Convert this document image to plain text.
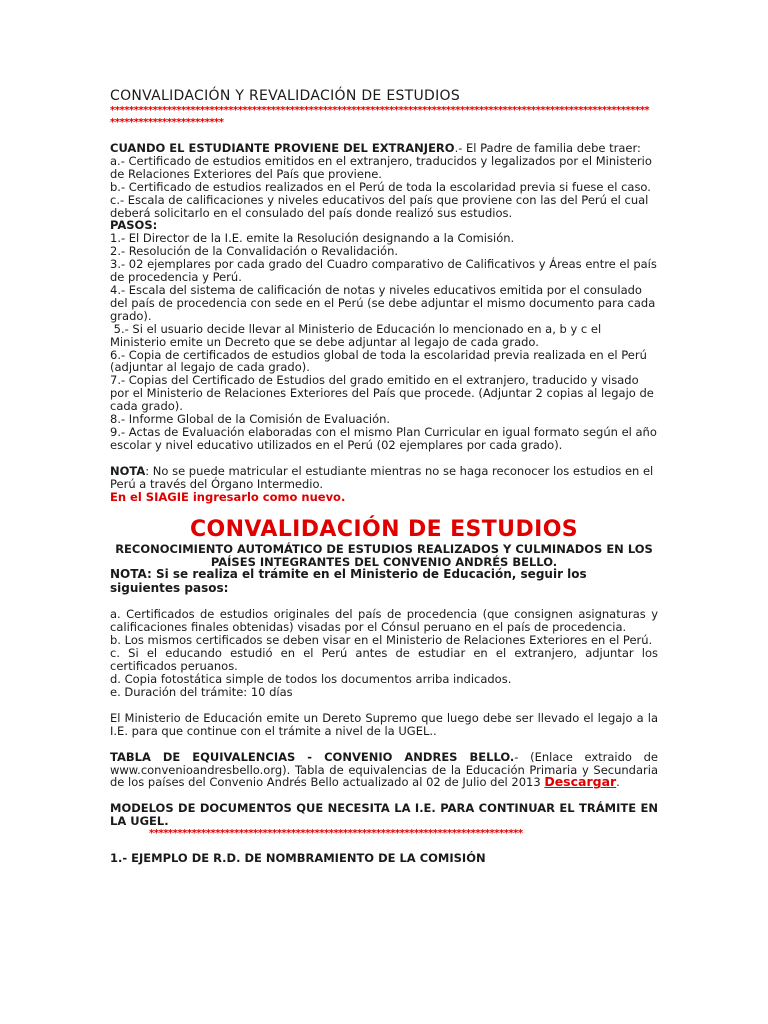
CONVALIDACIÓN Y REVALIDACIÓN DE ESTUDIOS
******************************************************************************************************************
************************

CUANDO EL ESTUDIANTE PROVIENE DEL EXTRANJERO.- El Padre de familia debe traer:

a.- Certificado de estudios emitidos en el extranjero, traducidos y legalizados por el Ministerio de Relaciones Exteriores del País que proviene.

b.- Certificado de estudios realizados en el Perú de toda la escolaridad previa si fuese el caso.

c.- Escala de calificaciones y niveles educativos del país que proviene con las del Perú el cual deberá solicitarlo en el consulado del país donde realizó sus estudios.

PASOS:

1.- El Director de la I.E. emite la Resolución designando a la Comisión.

2.- Resolución de la Convalidación o Revalidación.

3.- 02 ejemplares por cada grado del Cuadro comparativo de Calificativos y Áreas entre el país de procedencia y Perú.

4.- Escala del sistema de calificación de notas y niveles educativos emitida por el consulado del país de procedencia con sede en el Perú (se debe adjuntar el mismo documento para cada grado).

5.- Si el usuario decide llevar al Ministerio de Educación lo mencionado en a, b y c el Ministerio emite un Decreto que se debe adjuntar al legajo de cada grado.

6.- Copia de certificados de estudios global de toda la escolaridad previa realizada en el Perú (adjuntar al legajo de cada grado).

7.- Copias del Certificado de Estudios del grado emitido en el extranjero, traducido y visado por el Ministerio de Relaciones Exteriores del País que procede. (Adjuntar 2 copias al legajo de cada grado).

8.- Informe Global de la Comisión de Evaluación.

9.- Actas de Evaluación elaboradas con el mismo Plan Curricular en igual formato según el año escolar y nivel educativo utilizados en el Perú (02 ejemplares por cada grado).

NOTA: No se puede matricular el estudiante mientras no se haga reconocer los estudios en el Perú a través del Órgano Intermedio.

En el SIAGIE ingresarlo como nuevo.

CONVALIDACIÓN DE ESTUDIOS

RECONOCIMIENTO AUTOMÁTICO DE ESTUDIOS REALIZADOS Y CULMINADOS EN LOS PAÍSES INTEGRANTES DEL CONVENIO ANDRÉS BELLO.

NOTA: Si se realiza el trámite en el Ministerio de Educación, seguir los siguientes pasos:

a. Certificados de estudios originales del país de procedencia (que consignen asignaturas y calificaciones finales obtenidas) visadas por el Cónsul peruano en el país de procedencia.

b. Los mismos certificados se deben visar en el Ministerio de Relaciones Exteriores en el Perú.

c. Si el educando estudió en el Perú antes de estudiar en el extranjero, adjuntar los certificados peruanos.

d. Copia fotostática simple de todos los documentos arriba indicados.

e. Duración del trámite: 10 días

El Ministerio de Educación emite un Dereto Supremo que luego debe ser llevado el legajo a la I.E. para que continue con el trámite a nivel de la UGEL..

TABLA DE EQUIVALENCIAS - CONVENIO ANDRES BELLO.- (Enlace extraido de www.convenioandresbello.org). Tabla de equivalencias de la Educación Primaria y Secundaria de los países del Convenio Andrés Bello actualizado al 02 de Julio del 2013 Descargar.

MODELOS DE DOCUMENTOS QUE NECESITA LA I.E. PARA CONTINUAR EL TRÁMITE EN LA UGEL.

*******************************************************************************

1.- EJEMPLO DE R.D. DE NOMBRAMIENTO DE LA COMISIÓN
